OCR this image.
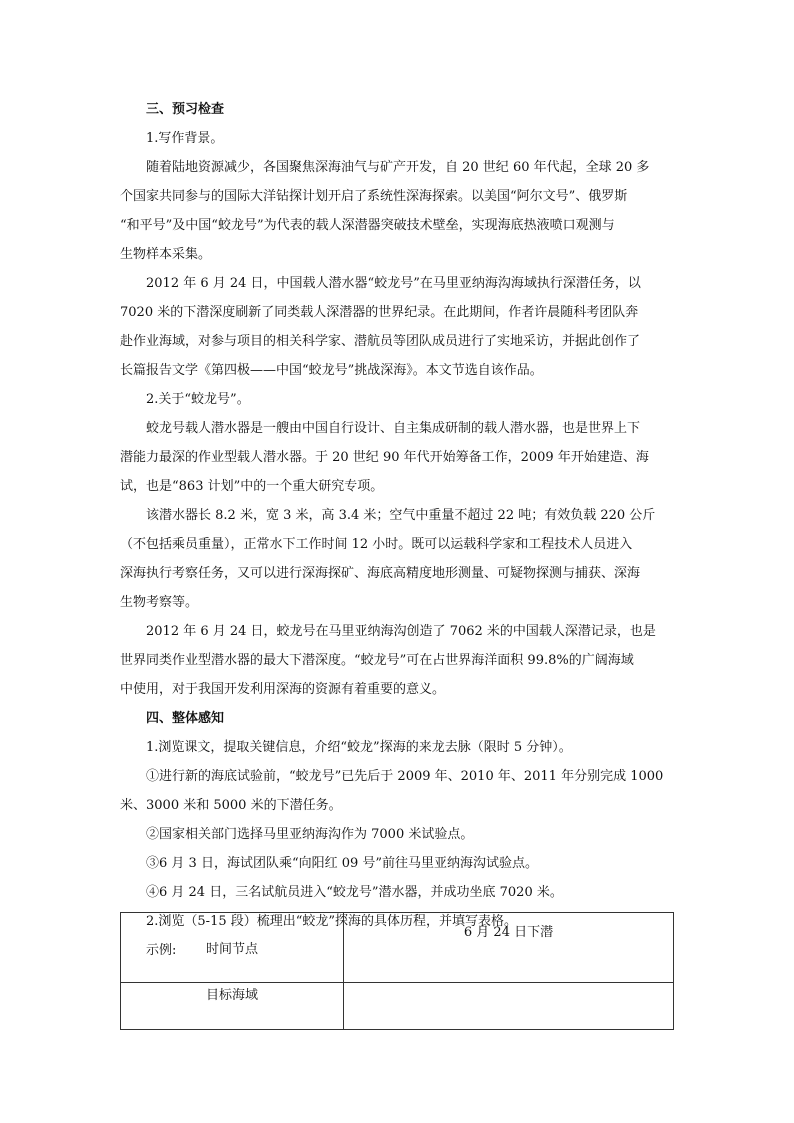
三、预习检查

1.写作背景。

随着陆地资源减少，各国聚焦深海油气与矿产开发，自 20 世纪 60 年代起，全球 20 多

个国家共同参与的国际大洋钻探计划开启了系统性深海探索。以美国“阿尔文号”、俄罗斯

“和平号”及中国“蛟龙号”为代表的载人深潜器突破技术壁垒，实现海底热液喷口观测与

生物样本采集。

2012 年 6 月 24 日，中国载人潜水器“蛟龙号”在马里亚纳海沟海域执行深潜任务，以

7020 米的下潜深度刷新了同类载人深潜器的世界纪录。在此期间，作者许晨随科考团队奔

赴作业海域，对参与项目的相关科学家、潜航员等团队成员进行了实地采访，并据此创作了

长篇报告文学《第四极——中国“蛟龙号”挑战深海》。本文节选自该作品。

2.关于“蛟龙号”。

蛟龙号载人潜水器是一艘由中国自行设计、自主集成研制的载人潜水器，也是世界上下

潜能力最深的作业型载人潜水器。于 20 世纪 90 年代开始筹备工作，2009 年开始建造、海

试，也是“863 计划”中的一个重大研究专项。

该潜水器长 8.2 米，宽 3 米，高 3.4 米；空气中重量不超过 22 吨；有效负载 220 公斤

（不包括乘员重量），正常水下工作时间 12 小时。既可以运载科学家和工程技术人员进入

深海执行考察任务，又可以进行深海探矿、海底高精度地形测量、可疑物探测与捕获、深海

生物考察等。

2012 年 6 月 24 日，蛟龙号在马里亚纳海沟创造了 7062 米的中国载人深潜记录，也是

世界同类作业型潜水器的最大下潜深度。“蛟龙号”可在占世界海洋面积 99.8%的广阔海域

中使用，对于我国开发利用深海的资源有着重要的意义。

四、整体感知

1.浏览课文，提取关键信息，介绍“蛟龙”探海的来龙去脉（限时 5 分钟）。

①进行新的海底试验前，“蛟龙号”已先后于 2009 年、2010 年、2011 年分别完成 1000

米、3000 米和 5000 米的下潜任务。

②国家相关部门选择马里亚纳海沟作为 7000 米试验点。

③6 月 3 日，海试团队乘“向阳红 09 号”前往马里亚纳海沟试验点。

④6 月 24 日，三名试航员进入“蛟龙号”潜水器，并成功坐底 7020 米。

2.浏览（5-15 段）梳理出“蛟龙”探海的具体历程，并填写表格。

示例:	时间节点	6 月 24 日下潜
目标海域	
